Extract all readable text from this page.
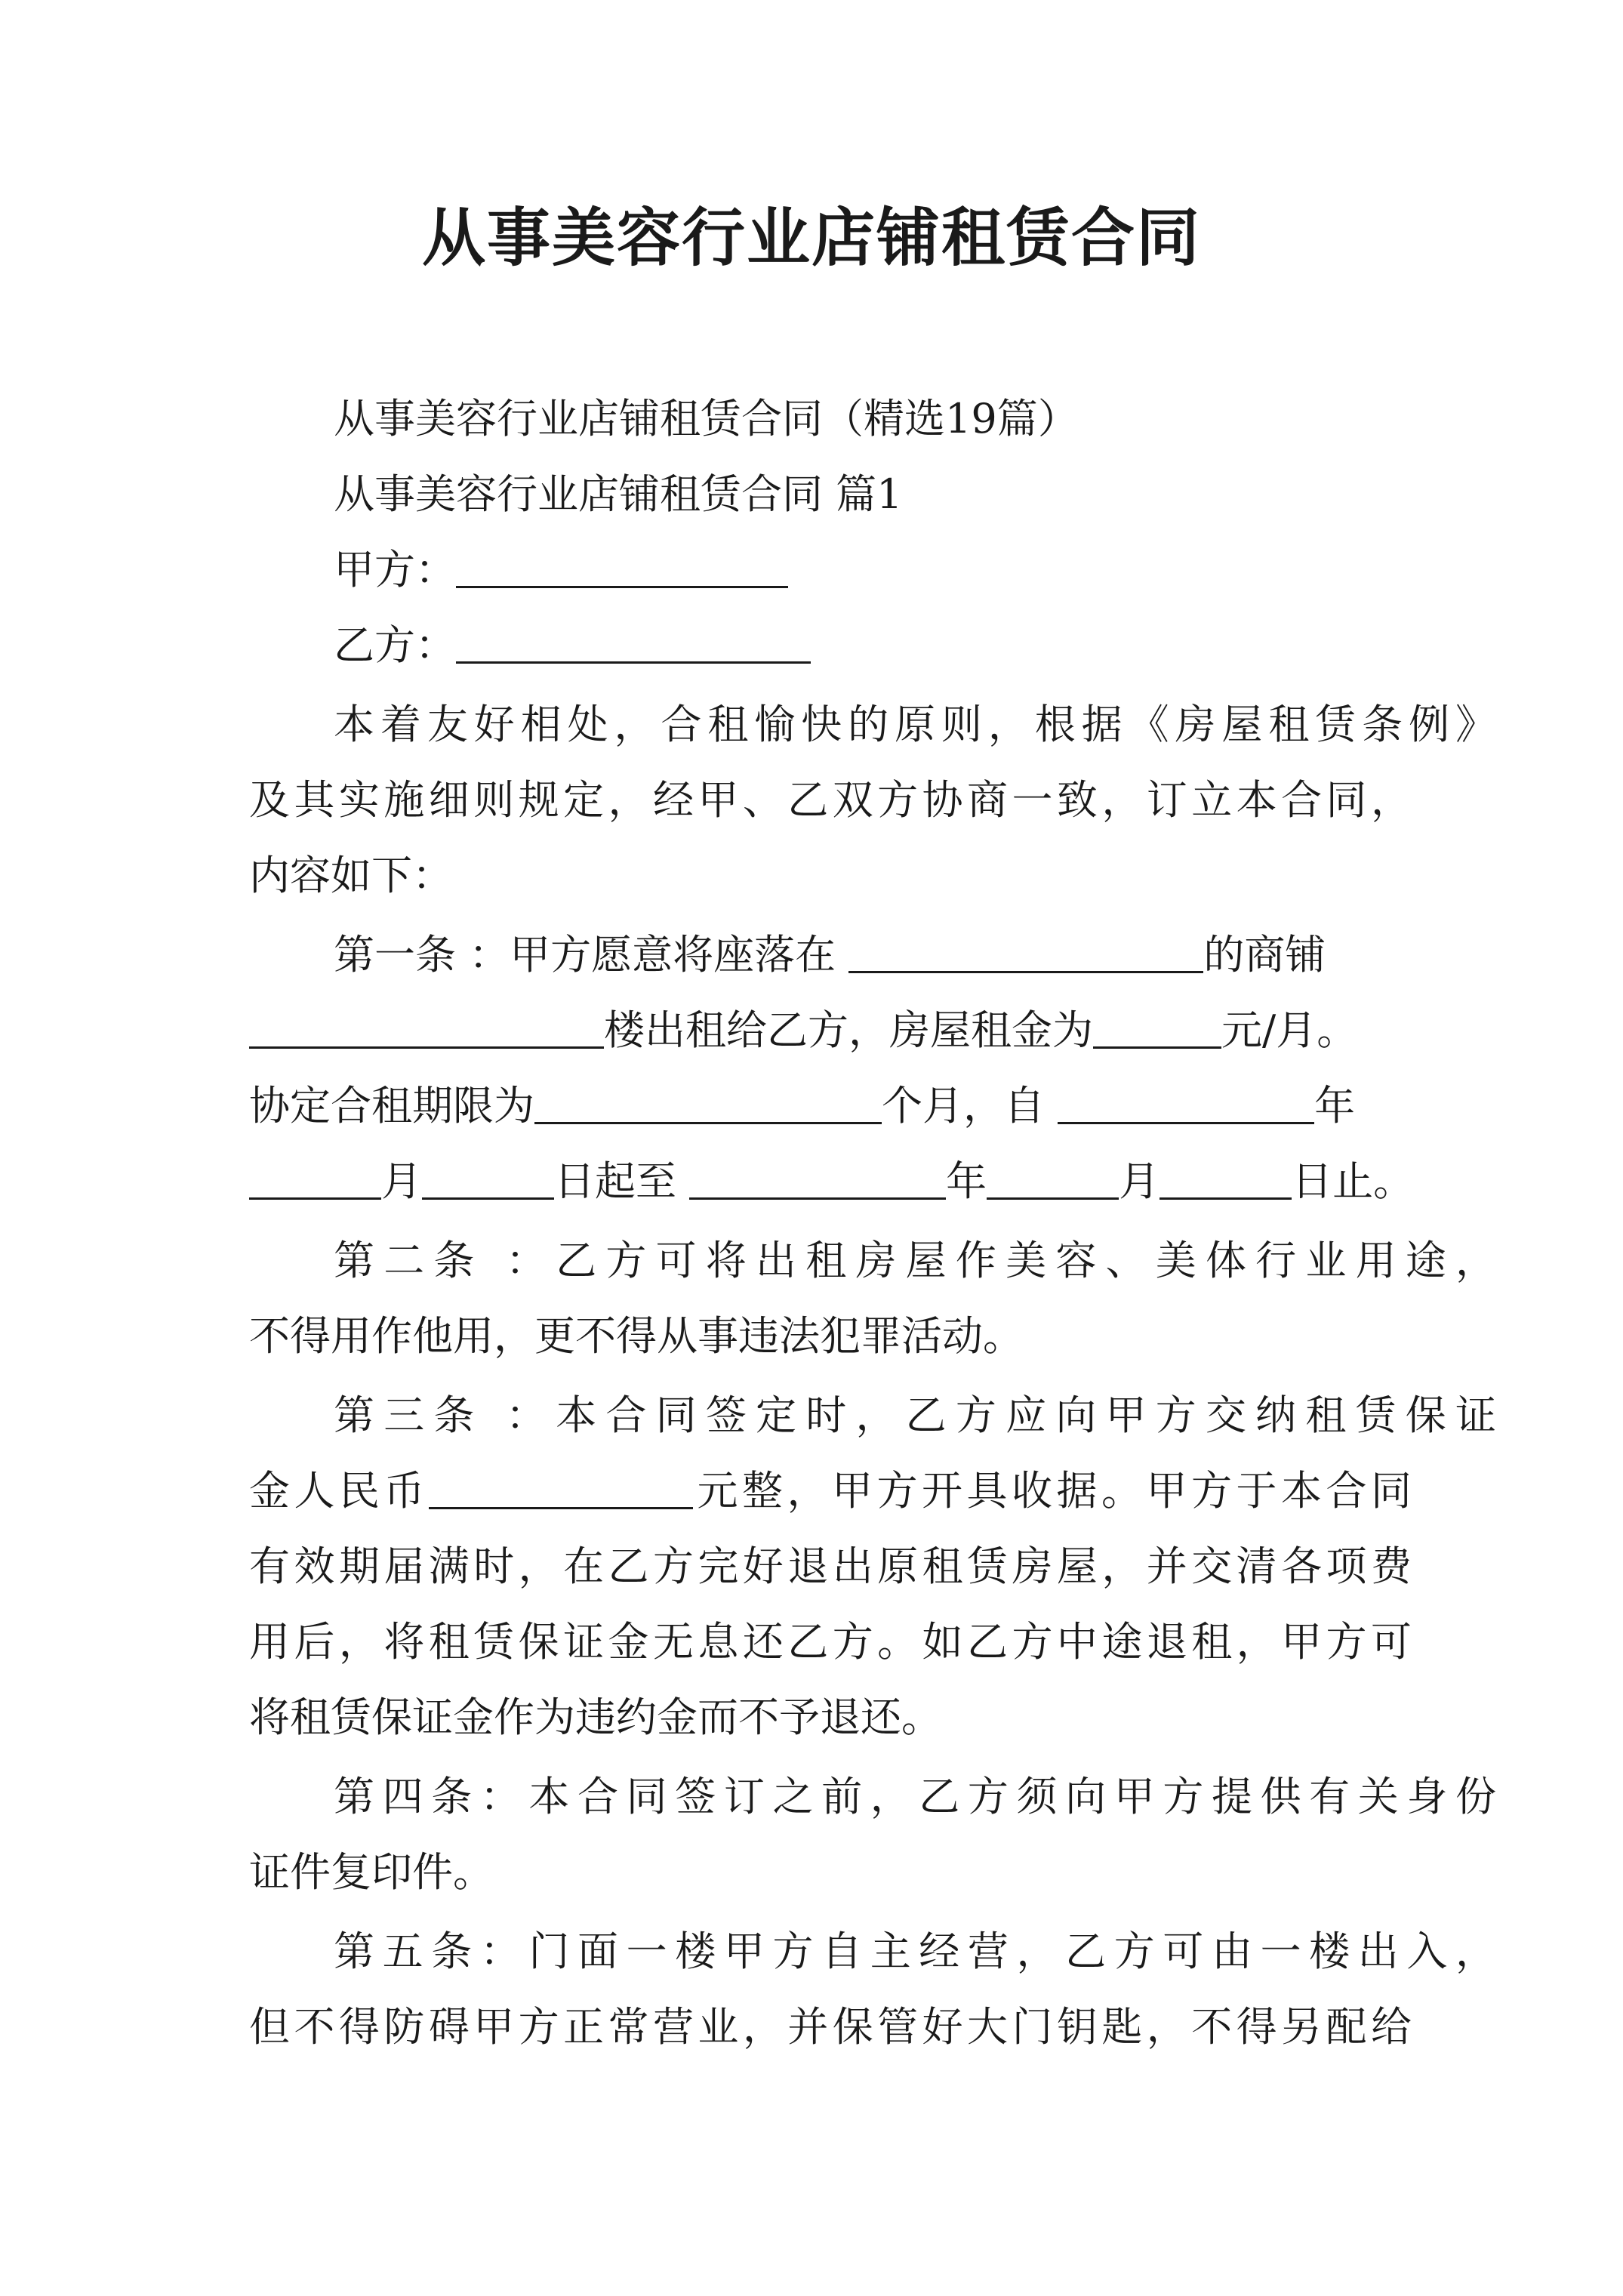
从事美容行业店铺租赁合同
从事美容行业店铺租赁合同（精选19篇）
从事美容行业店铺租赁合同 篇1
甲方：
乙方：
本着友好相处，合租愉快的原则，根据《房屋租赁条例》
及其实施细则规定，经甲、乙双方协商一致，订立本合同，
内容如下：
第一条 ：甲方愿意将座落在	的商铺
楼出租给乙方，房屋租金为	元/月。
协定合租期限为	个月，自	年
月	日起至	年	月	日止。
第二条 ：乙方可将出租房屋作美容、美体行业用途，
不得用作他用，更不得从事违法犯罪活动。
第三条 ：本合同签定时，乙方应向甲方交纳租赁保证
金人民币	元整，甲方开具收据。甲方于本合同
有效期届满时，在乙方完好退出原租赁房屋，并交清各项费
用后，将租赁保证金无息还乙方。如乙方中途退租，甲方可
将租赁保证金作为违约金而不予退还。
第四条：本合同签订之前，乙方须向甲方提供有关身份
证件复印件。
第五条：门面一楼甲方自主经营，乙方可由一楼出入，
但不得防碍甲方正常营业，并保管好大门钥匙，不得另配给
